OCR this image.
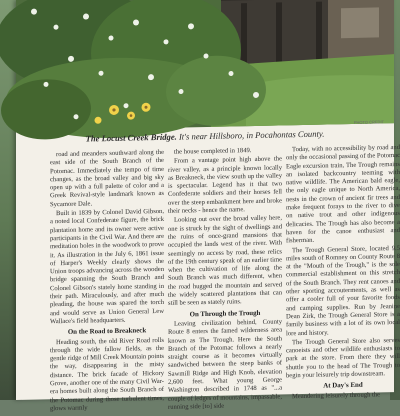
PHOTO CREDIT
The Locust Creek Bridge. It's near Hillsboro, in Pocahontas County.

road and meanders southward along the east side of the South Branch of the Potomac. Immediately the tempo of time changes, as the broad valley and big sky open up with a full palette of color and a Greek Revival-style landmark known as Sycamore Dale.

Built in 1839 by Colonel David Gibson, a noted local Confederate figure, the brick plantation home and its owner were active participants in the Civil War. And there are meditation holes in the woodwork to prove it. As illustration in the July 6, 1861 issue of Harper's Weekly clearly shows the Union troops advancing across the wooden bridge spanning the South Branch and Colonel Gibson's stately home standing in their path. Miraculously, and after much pleading, the house was spared the torch and would serve as Union General Lew Wallace's field headquarters.

On the Road to Breakneck

Heading south, the old River Road rolls through the wide fallow fields, as the gentle ridge of Mill Creek Mountain points the way, disappearing in the misty distance. The brick facade of Hickory Grove, another one of the many Civil War-era homes built along the South Branch of the Potomac during those turbulent times, glows warmly

the house completed in 1849.

From a vantage point high above the river valley, as a principle known locally as Breakneck, the view south up the valley is spectacular. Legend has it that two Confederate soldiers and their horses fell over the steep embankment here and broke their necks - hence the name.

Looking out over the broad valley here, one is struck by the sight of dwellings and the ruins of once-grand mansions that occupied the lands west of the river. With seemingly no access by road, these relics of the 19th century speak of an earlier time when the cultivation of life along the South Branch was much different, when the road hugged the mountain and served the widely scattered plantations that can still be seen as stately ruins.

On Through the Trough

Leaving civilization behind, County Route 8 enters the famed wilderness area known as The Trough. Here the South Branch of the Potomac follows a nearly straight course as it becomes virtually sandwiched between the steep banks of Sawmill Ridge and High Knob, elevation 2,600 feet. What young George Washington described in 1748 as "...a couple of ledges of mountains, impassable, running side [to] side

Today, with no accessibility by road and only the occasional passing of the Potomac Eagle excursion train, The Trough remains an isolated backcountry teeming with native wildlife. The American bald eagle, the only eagle unique to North America, nests in the crown of ancient fir trees and make frequent forays to the river to dive on native trout and other indigenous delicacies. The Trough has also become a haven for the canoe enthusiast and fisherman.

The Trough General Store, located 9.5 miles south of Romney on County Route 8 at the "Mouth of the Trough," is the sole commercial establishment on this stretch of the South Branch. They rent canoes and other sporting accouterments, as well as offer a cooler full of your favorite foods and camping supplies. Run by Jeanine Dean Zirk, the Trough General Store is a family business with a lot of its own local lore and history.

The Trough General Store also serves canoeists and other wildlife enthusiasts to park at the store. From there they will shuttle you to the head of The Trough to begin your leisurely trip downstream.

At Day's End

Meandering leisurely through the
